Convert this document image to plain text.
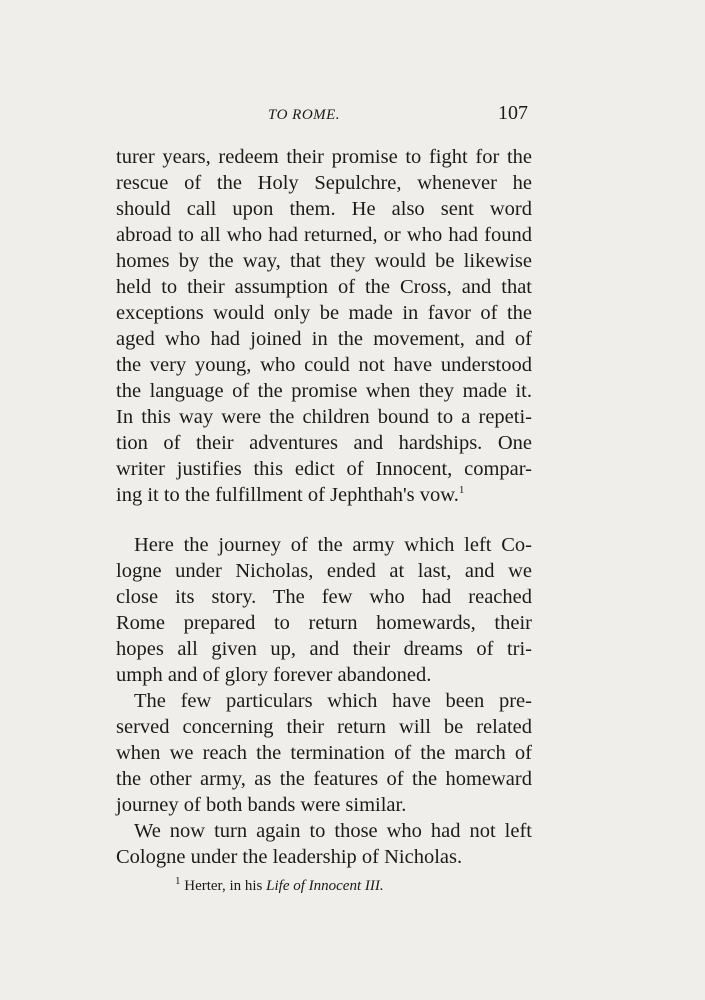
TO ROME.	107
turer years, redeem their promise to fight for the
rescue of the Holy Sepulchre, whenever he
should call upon them. He also sent word
abroad to all who had returned, or who had found
homes by the way, that they would be likewise
held to their assumption of the Cross, and that
exceptions would only be made in favor of the
aged who had joined in the movement, and of
the very young, who could not have understood
the language of the promise when they made it.
In this way were the children bound to a repeti-
tion of their adventures and hardships. One
writer justifies this edict of Innocent, compar-
ing it to the fulfillment of Jephthah's vow.$^1$
Here the journey of the army which left Co-
logne under Nicholas, ended at last, and we
close its story. The few who had reached
Rome prepared to return homewards, their
hopes all given up, and their dreams of tri-
umph and of glory forever abandoned.
The few particulars which have been pre-
served concerning their return will be related
when we reach the termination of the march of
the other army, as the features of the homeward
journey of both bands were similar.
We now turn again to those who had not left
Cologne under the leadership of Nicholas.
$^1$ Herter, in his Life of Innocent III.
